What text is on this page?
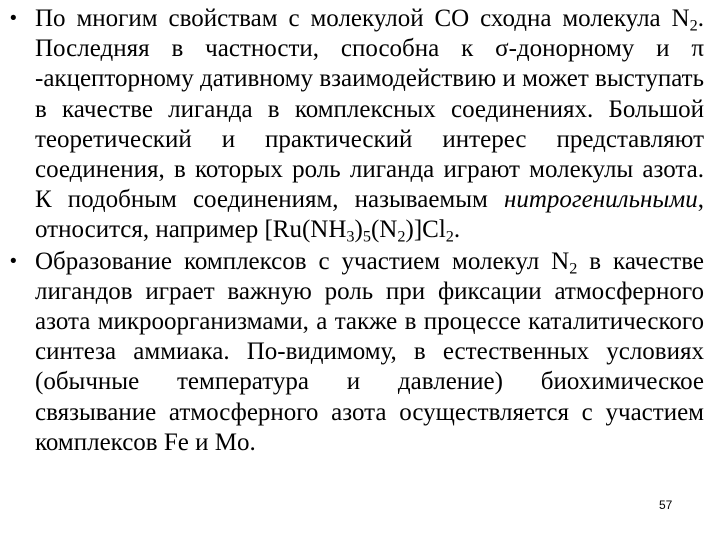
• По многим свойствам с молекулой СО сходна молекула $N_2$. Последняя в частности, способна к σ-донорному и π -акцепторному дативному взаимодействию и может выступать в качестве лиганда в комплексных соединениях. Большой теоретический и практический интерес представляют соединения, в которых роль лиганда играют молекулы азота. К подобным соединениям, называемым нитрогенильными, относится, например $[Ru(NH_3)_5(N_2)]Cl_2$.
• Образование комплексов с участием молекул $N_2$ в качестве лигандов играет важную роль при фиксации атмосферного азота микроорганизмами, а также в процессе каталитического синтеза аммиака. По-видимому, в естественных условиях (обычные температура и давление) биохимическое связывание атмосферного азота осуществляется с участием комплексов Fe и Mo.
57
